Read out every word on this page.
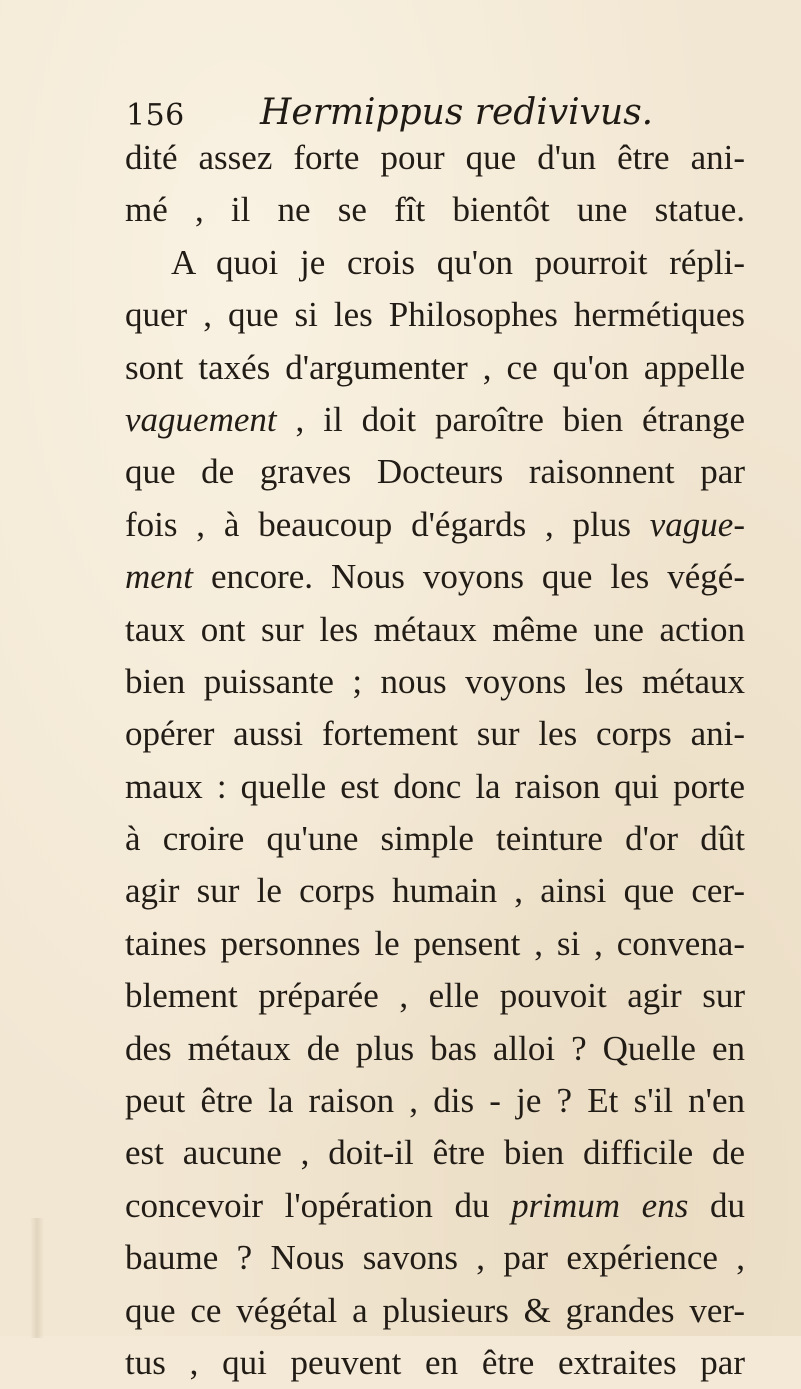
156 Hermippus redivivus.
dité assez forte pour que d'un être ani-
mé , il ne se fît bientôt une statue.
A quoi je crois qu'on pourroit répli-
quer , que si les Philosophes hermétiques
sont taxés d'argumenter , ce qu'on appelle
vaguement , il doit paroître bien étrange
que de graves Docteurs raisonnent par
fois , à beaucoup d'égards , plus vague-
ment encore. Nous voyons que les végé-
taux ont sur les métaux même une action
bien puissante ; nous voyons les métaux
opérer aussi fortement sur les corps ani-
maux : quelle est donc la raison qui porte
à croire qu'une simple teinture d'or dût
agir sur le corps humain , ainsi que cer-
taines personnes le pensent , si , convena-
blement préparée , elle pouvoit agir sur
des métaux de plus bas alloi ? Quelle en
peut être la raison , dis - je ? Et s'il n'en
est aucune , doit-il être bien difficile de
concevoir l'opération du primum ens du
baume ? Nous savons , par expérience ,
que ce végétal a plusieurs & grandes ver-
tus , qui peuvent en être extraites par
